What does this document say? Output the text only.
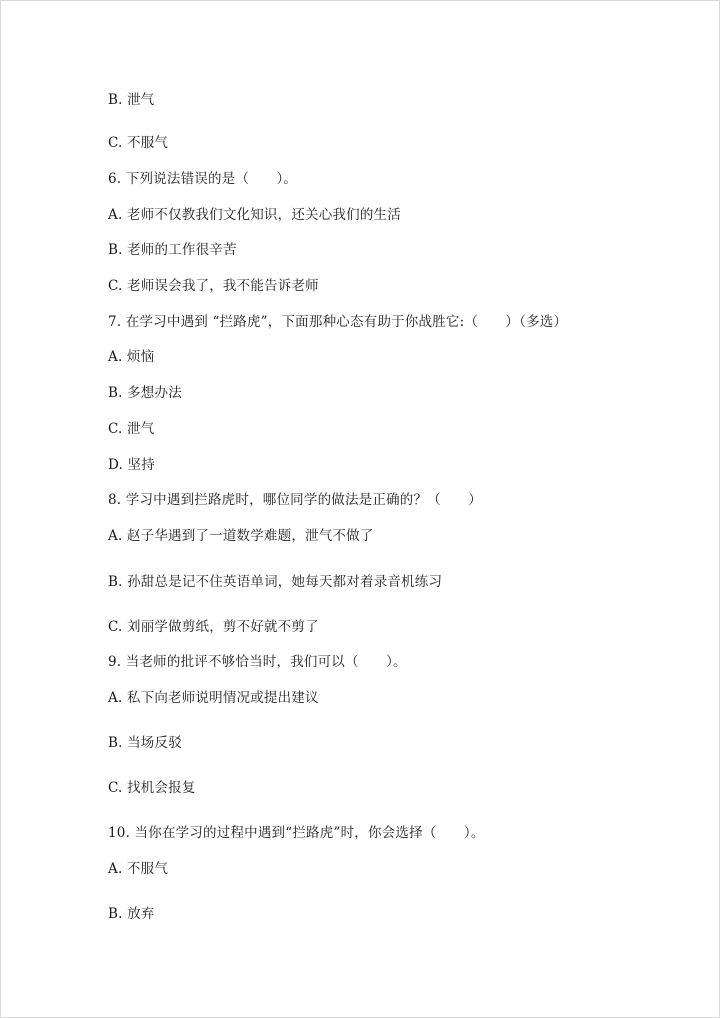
B. 泄气
C. 不服气
6. 下列说法错误的是（　　）。
A. 老师不仅教我们文化知识，还关心我们的生活
B. 老师的工作很辛苦
C. 老师误会我了，我不能告诉老师
7. 在学习中遇到 “拦路虎”，下面那种心态有助于你战胜它:（　　）（多选）
A. 烦恼
B. 多想办法
C. 泄气
D. 坚持
8. 学习中遇到拦路虎时，哪位同学的做法是正确的？（　　）
A. 赵子华遇到了一道数学难题，泄气不做了
B. 孙甜总是记不住英语单词，她每天都对着录音机练习
C. 刘丽学做剪纸，剪不好就不剪了
9. 当老师的批评不够恰当时，我们可以（　　）。
A. 私下向老师说明情况或提出建议
B. 当场反驳
C. 找机会报复
10. 当你在学习的过程中遇到“拦路虎”时，你会选择（　　）。
A. 不服气
B. 放弃
